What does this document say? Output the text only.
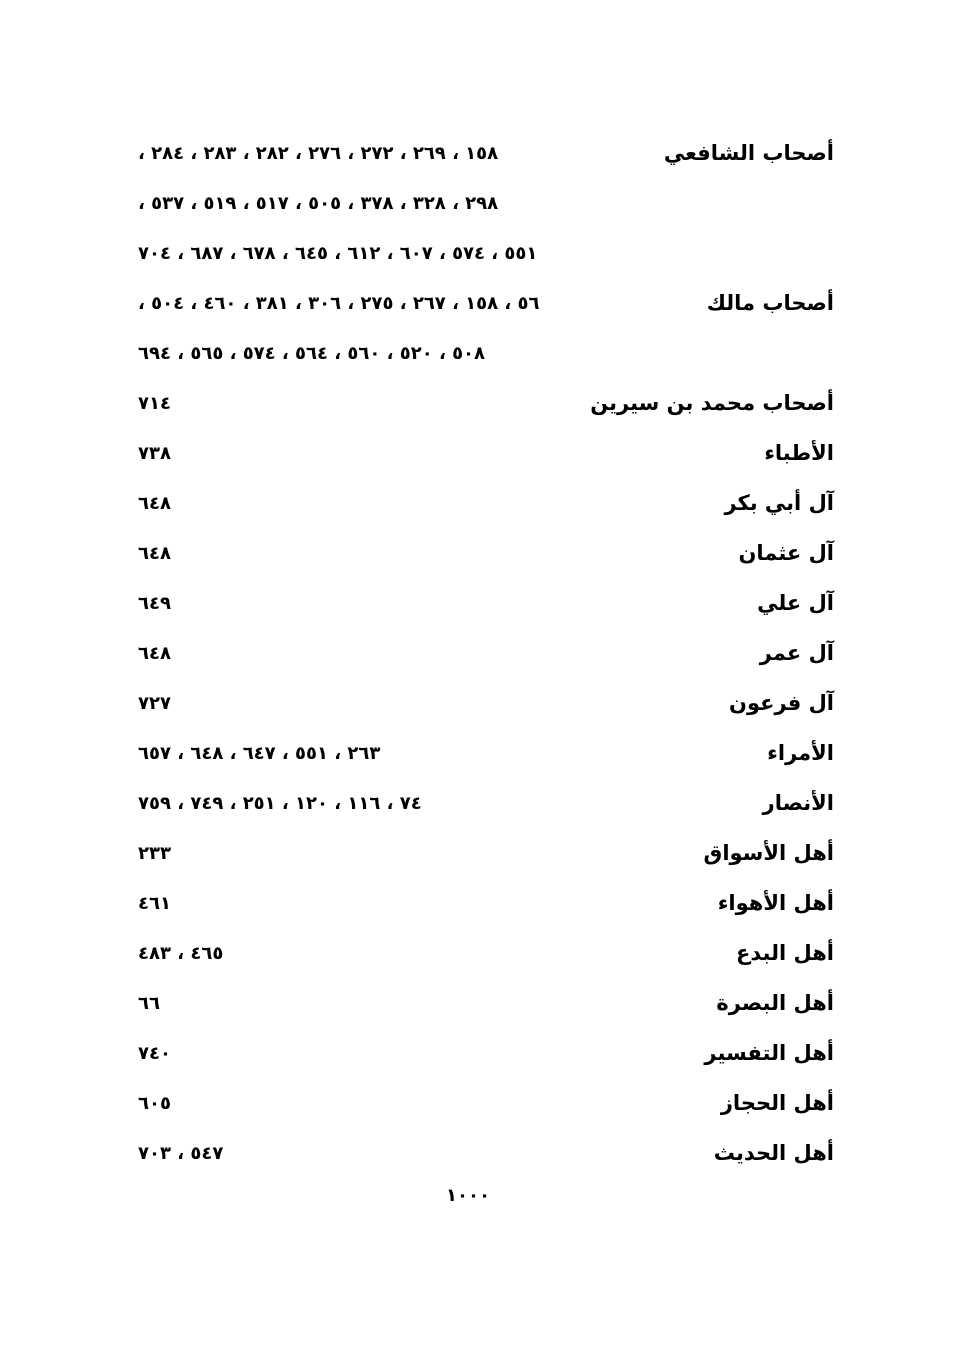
أصحاب الشافعي
١٥٨ ، ٢٦٩ ، ٢٧٢ ، ٢٧٦ ، ٢٨٢ ، ٢٨٣ ، ٢٨٤ ،
٢٩٨ ، ٣٢٨ ، ٣٧٨ ، ٥٠٥ ، ٥١٧ ، ٥١٩ ، ٥٣٧ ،
٥٥١ ، ٥٧٤ ، ٦٠٧ ، ٦١٢ ، ٦٤٥ ، ٦٧٨ ، ٦٨٧ ، ٧٠٤
أصحاب مالك
٥٦ ، ١٥٨ ، ٢٦٧ ، ٢٧٥ ، ٣٠٦ ، ٣٨١ ، ٤٦٠ ، ٥٠٤ ،
٥٠٨ ، ٥٢٠ ، ٥٦٠ ، ٥٦٤ ، ٥٧٤ ، ٥٦٥ ، ٦٩٤
أصحاب محمد بن سيرين
٧١٤
الأطباء
٧٣٨
آل أبي بكر
٦٤٨
آل عثمان
٦٤٨
آل علي
٦٤٩
آل عمر
٦٤٨
آل فرعون
٧٢٧
الأمراء
٢٦٣ ، ٥٥١ ، ٦٤٧ ، ٦٤٨ ، ٦٥٧
الأنصار
٧٤ ، ١١٦ ، ١٢٠ ، ٢٥١ ، ٧٤٩ ، ٧٥٩
أهل الأسواق
٢٣٣
أهل الأهواء
٤٦١
أهل البدع
٤٦٥ ، ٤٨٣
أهل البصرة
٦٦
أهل التفسير
٧٤٠
أهل الحجاز
٦٠٥
أهل الحديث
٥٤٧ ، ٧٠٣
١٠٠٠
